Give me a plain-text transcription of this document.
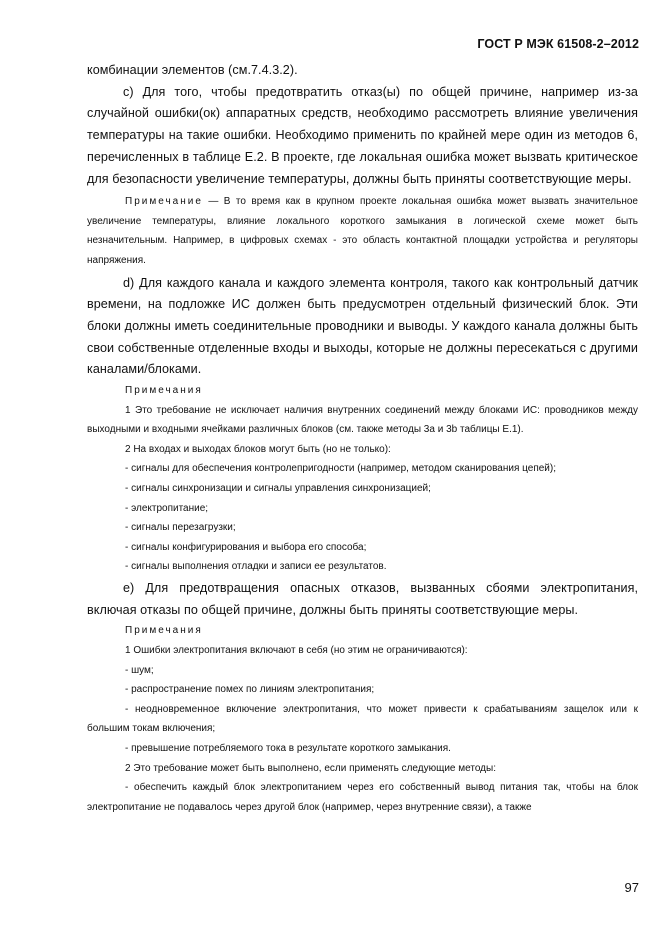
ГОСТ Р МЭК 61508-2–2012

комбинации элементов (см.7.4.3.2).

c) Для того, чтобы предотвратить отказ(ы) по общей причине, например из-за случайной ошибки(ок) аппаратных средств, необходимо рассмотреть влияние увеличения температуры на такие ошибки. Необходимо применить по крайней мере один из методов 6, перечисленных в таблице Е.2. В проекте, где локальная ошибка может вызвать критическое для безопасности увеличение температуры, должны быть приняты соответствующие меры.

Примечание — В то время как в крупном проекте локальная ошибка может вызвать значительное увеличение температуры, влияние локального короткого замыкания в логической схеме может быть незначительным. Например, в цифровых схемах - это область контактной площадки устройства и регуляторы напряжения.

d) Для каждого канала и каждого элемента контроля, такого как контрольный датчик времени, на подложке ИС должен быть предусмотрен отдельный физический блок. Эти блоки должны иметь соединительные проводники и выводы. У каждого канала должны быть свои собственные отделенные входы и выходы, которые не должны пересекаться с другими каналами/блоками.

Примечания

1 Это требование не исключает наличия внутренних соединений между блоками ИС: проводников между выходными и входными ячейками различных блоков (см. также методы 3а и 3b таблицы Е.1).

2 На входах и выходах блоков могут быть (но не только):

- сигналы для обеспечения контролепригодности (например, методом сканирования цепей);

- сигналы синхронизации и сигналы управления синхронизацией;

- электропитание;

- сигналы перезагрузки;

- сигналы конфигурирования и выбора его способа;

- сигналы выполнения отладки и записи ее результатов.

e) Для предотвращения опасных отказов, вызванных сбоями электропитания, включая отказы по общей причине, должны быть приняты соответствующие меры.

Примечания

1 Ошибки электропитания включают в себя (но этим не ограничиваются):

- шум;

- распространение помех по линиям электропитания;

- неодновременное включение электропитания, что может привести к срабатываниям защелок или к большим токам включения;

- превышение потребляемого тока в результате короткого замыкания.

2 Это требование может быть выполнено, если применять следующие методы:

- обеспечить каждый блок электропитанием через его собственный вывод питания так, чтобы на блок электропитание не подавалось через другой блок (например, через внутренние связи), а также

97
